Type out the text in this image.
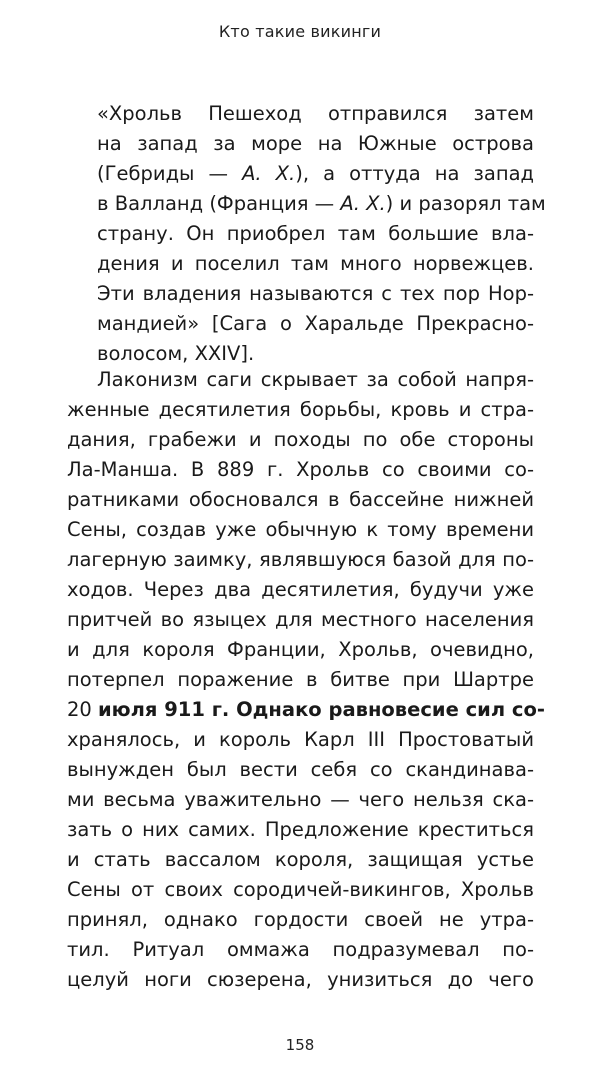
Кто такие викинги
«Хрольв Пешеход отправился затем
на запад за море на Южные острова
(Гебриды — А. Х.), а оттуда на запад
в Валланд (Франция — А. Х.) и разорял там
страну. Он приобрел там большие вла-
дения и поселил там много норвежцев.
Эти владения называются с тех пор Нор-
мандией» [Сага о Харальде Прекрасно-
волосом, XXIV].
Лаконизм саги скрывает за собой напря-
женные десятилетия борьбы, кровь и стра-
дания, грабежи и походы по обе стороны
Ла-Манша. В 889 г. Хрольв со своими со-
ратниками обосновался в бассейне нижней
Сены, создав уже обычную к тому времени
лагерную заимку, являвшуюся базой для по-
ходов. Через два десятилетия, будучи уже
притчей во языцех для местного населения
и для короля Франции, Хрольв, очевидно,
потерпел поражение в битве при Шартре
20 июля 911 г. Однако равновесие сил со-
хранялось, и король Карл III Простоватый
вынужден был вести себя со скандинава-
ми весьма уважительно — чего нельзя ска-
зать о них самих. Предложение креститься
и стать вассалом короля, защищая устье
Сены от своих сородичей-викингов, Хрольв
принял, однако гордости своей не утра-
тил. Ритуал оммажа подразумевал по-
целуй ноги сюзерена, унизиться до чего
158
